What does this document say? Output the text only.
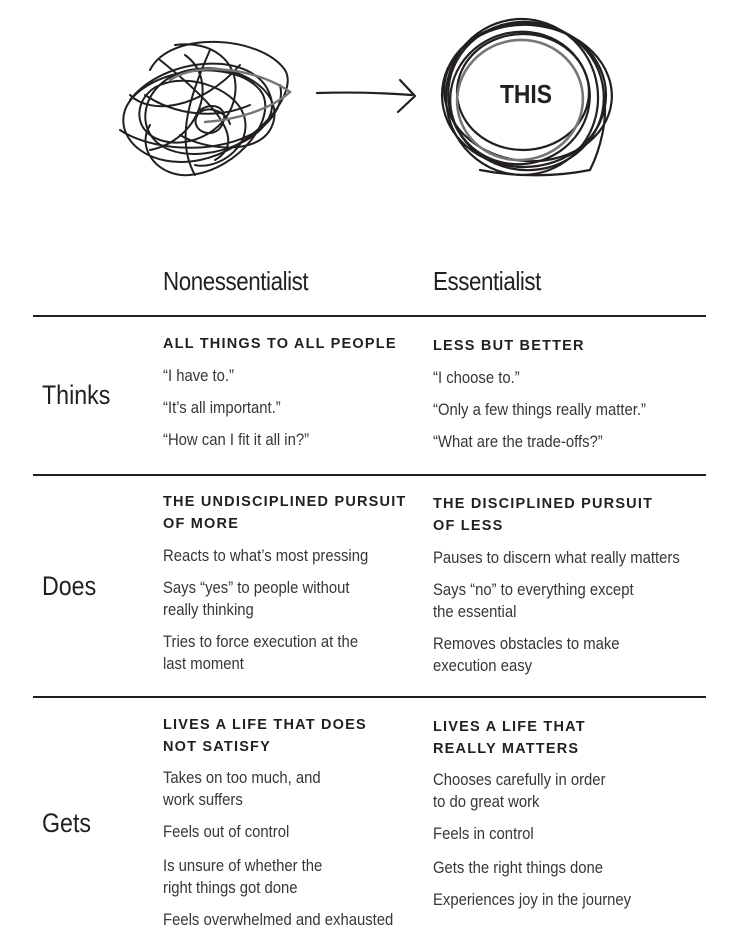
THIS
Nonessentialist	Essentialist
Thinks
Does
Gets
ALL THINGS TO ALL PEOPLE
“I have to.”
“It’s all important.”
“How can I fit it all in?”
LESS BUT BETTER
“I choose to.”
“Only a few things really matter.”
“What are the trade-offs?”
THE UNDISCIPLINED PURSUIT
OF MORE
Reacts to what’s most pressing
Says “yes” to people without
really thinking
Tries to force execution at the
last moment
THE DISCIPLINED PURSUIT
OF LESS
Pauses to discern what really matters
Says “no” to everything except
the essential
Removes obstacles to make
execution easy
LIVES A LIFE THAT DOES
NOT SATISFY
Takes on too much, and
work suffers
Feels out of control
Is unsure of whether the
right things got done
Feels overwhelmed and exhausted
LIVES A LIFE THAT
REALLY MATTERS
Chooses carefully in order
to do great work
Feels in control
Gets the right things done
Experiences joy in the journey
